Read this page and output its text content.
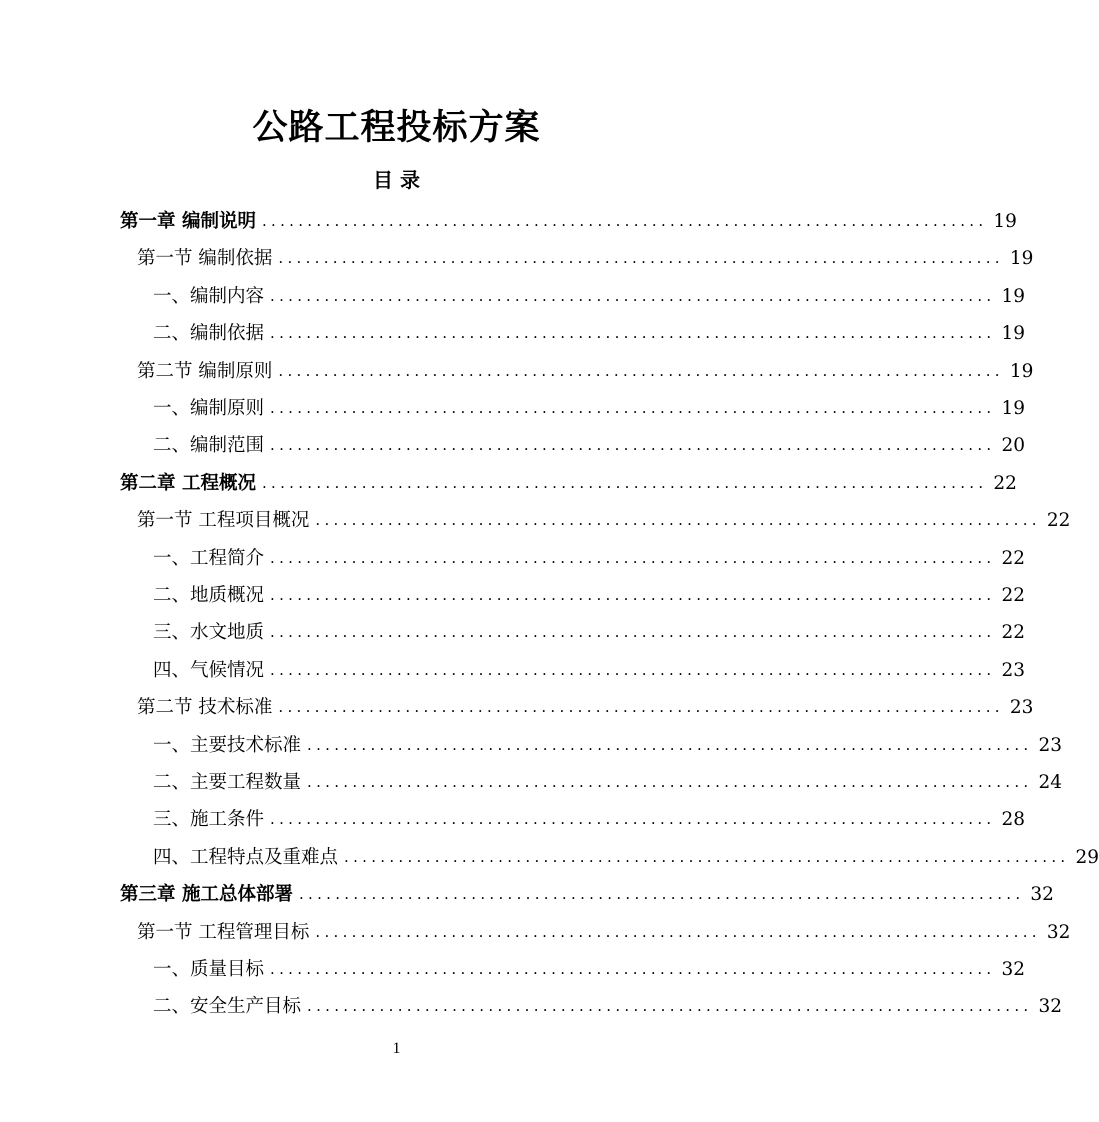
公路工程投标方案
目 录
第一章 编制说明 ................................................................................ 19
第一节 编制依据 ................................................................................ 19
一、编制内容 ................................................................................ 19
二、编制依据 ................................................................................ 19
第二节 编制原则 ................................................................................ 19
一、编制原则 ................................................................................ 19
二、编制范围 ................................................................................ 20
第二章 工程概况 ................................................................................ 22
第一节 工程项目概况 ................................................................................ 22
一、工程简介 ................................................................................ 22
二、地质概况 ................................................................................ 22
三、水文地质 ................................................................................ 22
四、气候情况 ................................................................................ 23
第二节 技术标准 ................................................................................ 23
一、主要技术标准 ................................................................................ 23
二、主要工程数量 ................................................................................ 24
三、施工条件 ................................................................................ 28
四、工程特点及重难点 ................................................................................ 29
第三章 施工总体部署 ................................................................................ 32
第一节 工程管理目标 ................................................................................ 32
一、质量目标 ................................................................................ 32
二、安全生产目标 ................................................................................ 32
1
